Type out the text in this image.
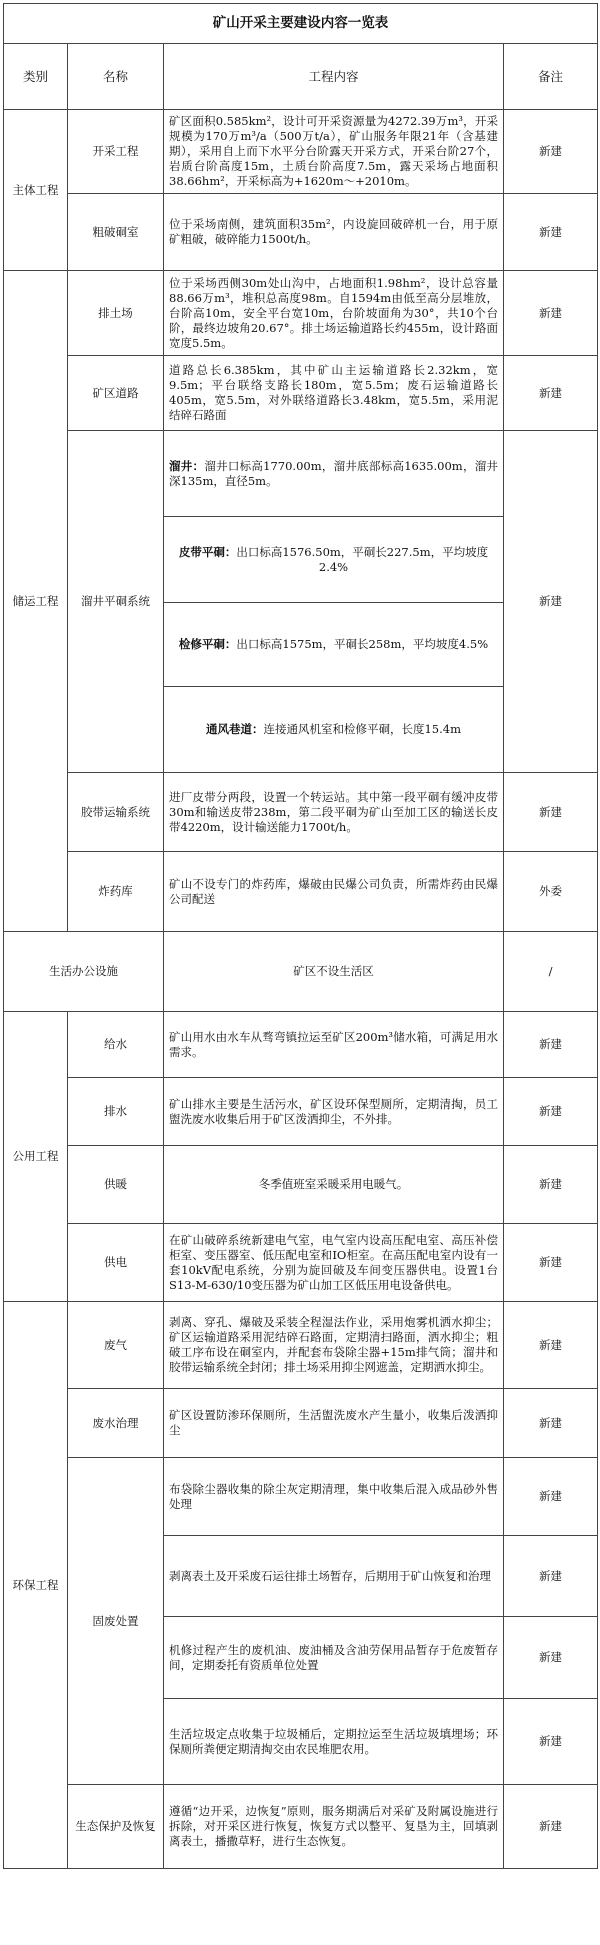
矿山开采主要建设内容一览表			
类别	名称	工程内容	备注
主体工程	开采工程	矿区面积0.585km²，设计可开采资源量为4272.39万m³，开采规模为170万m³/a（500万t/a），矿山服务年限21年（含基建期），采用自上而下水平分台阶露天开采方式，开采台阶27个，岩质台阶高度15m，土质台阶高度7.5m，露天采场占地面积38.66hm²，开采标高为+1620m～+2010m。	新建
	粗破硐室	位于采场南侧，建筑面积35m²，内设旋回破碎机一台，用于原矿粗破，破碎能力1500t/h。	新建
储运工程	排土场	位于采场西侧30m处山沟中，占地面积1.98hm²，设计总容量88.66万m³，堆积总高度98m。自1594m由低至高分层堆放，台阶高10m，安全平台宽10m，台阶坡面角为30°，共10个台阶，最终边坡角20.67°。排土场运输道路长约455m，设计路面宽度5.5m。	新建
	矿区道路	道路总长6.385km，其中矿山主运输道路长2.32km，宽9.5m；平台联络支路长180m，宽5.5m；废石运输道路长405m，宽5.5m，对外联络道路长3.48km，宽5.5m，采用泥结碎石路面	新建
	溜井平硐系统	溜井：溜井口标高1770.00m，溜井底部标高1635.00m，溜井深135m，直径5m。	新建
		皮带平硐：出口标高1576.50m，平硐长227.5m，平均坡度2.4%	
		检修平硐：出口标高1575m，平硐长258m，平均坡度4.5%	
		通风巷道：连接通风机室和检修平硐，长度15.4m	
	胶带运输系统	进厂皮带分两段，设置一个转运站。其中第一段平硐有缓冲皮带30m和输送皮带238m，第二段平硐为矿山至加工区的输送长皮带4220m，设计输送能力1700t/h。	新建
	炸药库	矿山不设专门的炸药库，爆破由民爆公司负责，所需炸药由民爆公司配送	外委
生活办公设施		矿区不设生活区	/
公用工程	给水	矿山用水由水车从骛弯镇拉运至矿区200m³储水箱，可满足用水需求。	新建
	排水	矿山排水主要是生活污水，矿区设环保型厕所，定期清掏，员工盥洗废水收集后用于矿区泼洒抑尘，不外排。	新建
	供暖	冬季值班室采暖采用电暖气。	新建
	供电	在矿山破碎系统新建电气室，电气室内设高压配电室、高压补偿柜室、变压器室、低压配电室和IO柜室。在高压配电室内设有一套10kV配电系统，分别为旋回破及车间变压器供电。设置1台S13-M-630/10变压器为矿山加工区低压用电设备供电。	新建
环保工程	废气	剥离、穿孔、爆破及采装全程湿法作业，采用炮雾机洒水抑尘；矿区运输道路采用泥结碎石路面，定期清扫路面，洒水抑尘；粗破工序布设在硐室内，并配套布袋除尘器+15m排气筒；溜井和胶带运输系统全封闭；排土场采用抑尘网遮盖，定期洒水抑尘。	新建
	废水治理	矿区设置防渗环保厕所，生活盥洗废水产生量小，收集后泼洒抑尘	新建
	固废处置	布袋除尘器收集的除尘灰定期清理，集中收集后混入成品砂外售处理	新建
		剥离表土及开采废石运往排土场暂存，后期用于矿山恢复和治理	新建
		机修过程产生的废机油、废油桶及含油劳保用品暂存于危废暂存间，定期委托有资质单位处置	新建
		生活垃圾定点收集于垃圾桶后，定期拉运至生活垃圾填埋场；环保厕所粪便定期清掏交由农民堆肥农用。	新建
	生态保护及恢复	遵循“边开采，边恢复”原则，服务期满后对采矿及附属设施进行拆除，对开采区进行恢复，恢复方式以整平、复垦为主，回填剥离表土，播撒草籽，进行生态恢复。	新建
